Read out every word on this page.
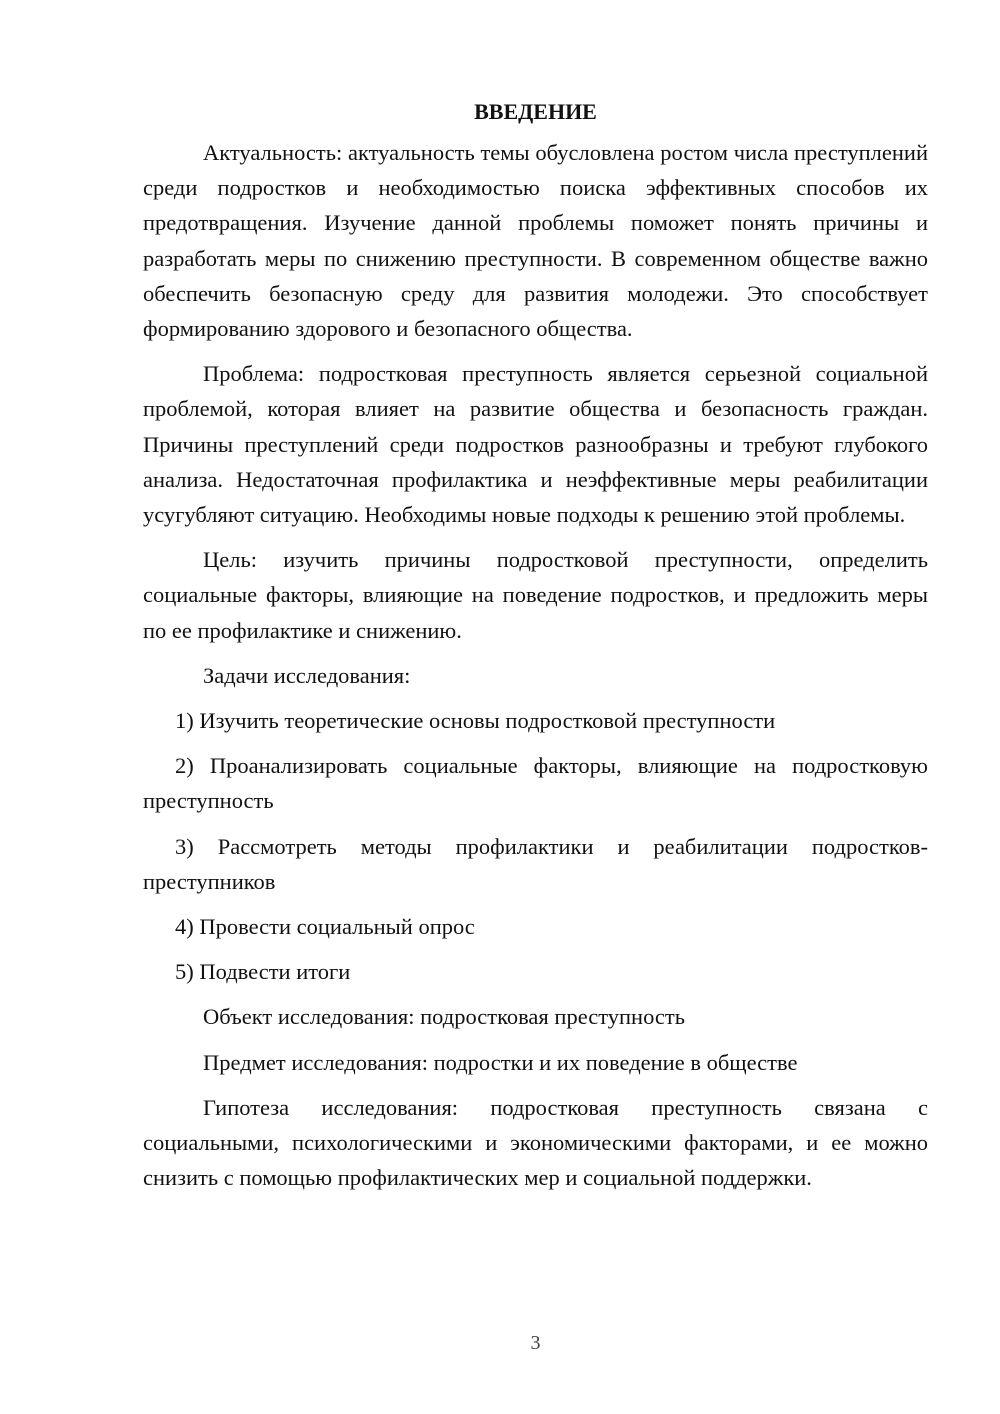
ВВЕДЕНИЕ

Актуальность: актуальность темы обусловлена ростом числа преступлений среди подростков и необходимостью поиска эффективных способов их предотвращения. Изучение данной проблемы поможет понять причины и разработать меры по снижению преступности. В современном обществе важно обеспечить безопасную среду для развития молодежи. Это способствует формированию здорового и безопасного общества.

Проблема: подростковая преступность является серьезной социальной проблемой, которая влияет на развитие общества и безопасность граждан. Причины преступлений среди подростков разнообразны и требуют глубокого анализа. Недостаточная профилактика и неэффективные меры реабилитации усугубляют ситуацию. Необходимы новые подходы к решению этой проблемы.

Цель: изучить причины подростковой преступности, определить социальные факторы, влияющие на поведение подростков, и предложить меры по ее профилактике и снижению.

Задачи исследования:

1) Изучить теоретические основы подростковой преступности

2) Проанализировать социальные факторы, влияющие на подростковую преступность

3) Рассмотреть методы профилактики и реабилитации подростков-преступников

4) Провести социальный опрос

5) Подвести итоги

Объект исследования: подростковая преступность

Предмет исследования: подростки и их поведение в обществе

Гипотеза исследования: подростковая преступность связана с социальными, психологическими и экономическими факторами, и ее можно снизить с помощью профилактических мер и социальной поддержки.

3
